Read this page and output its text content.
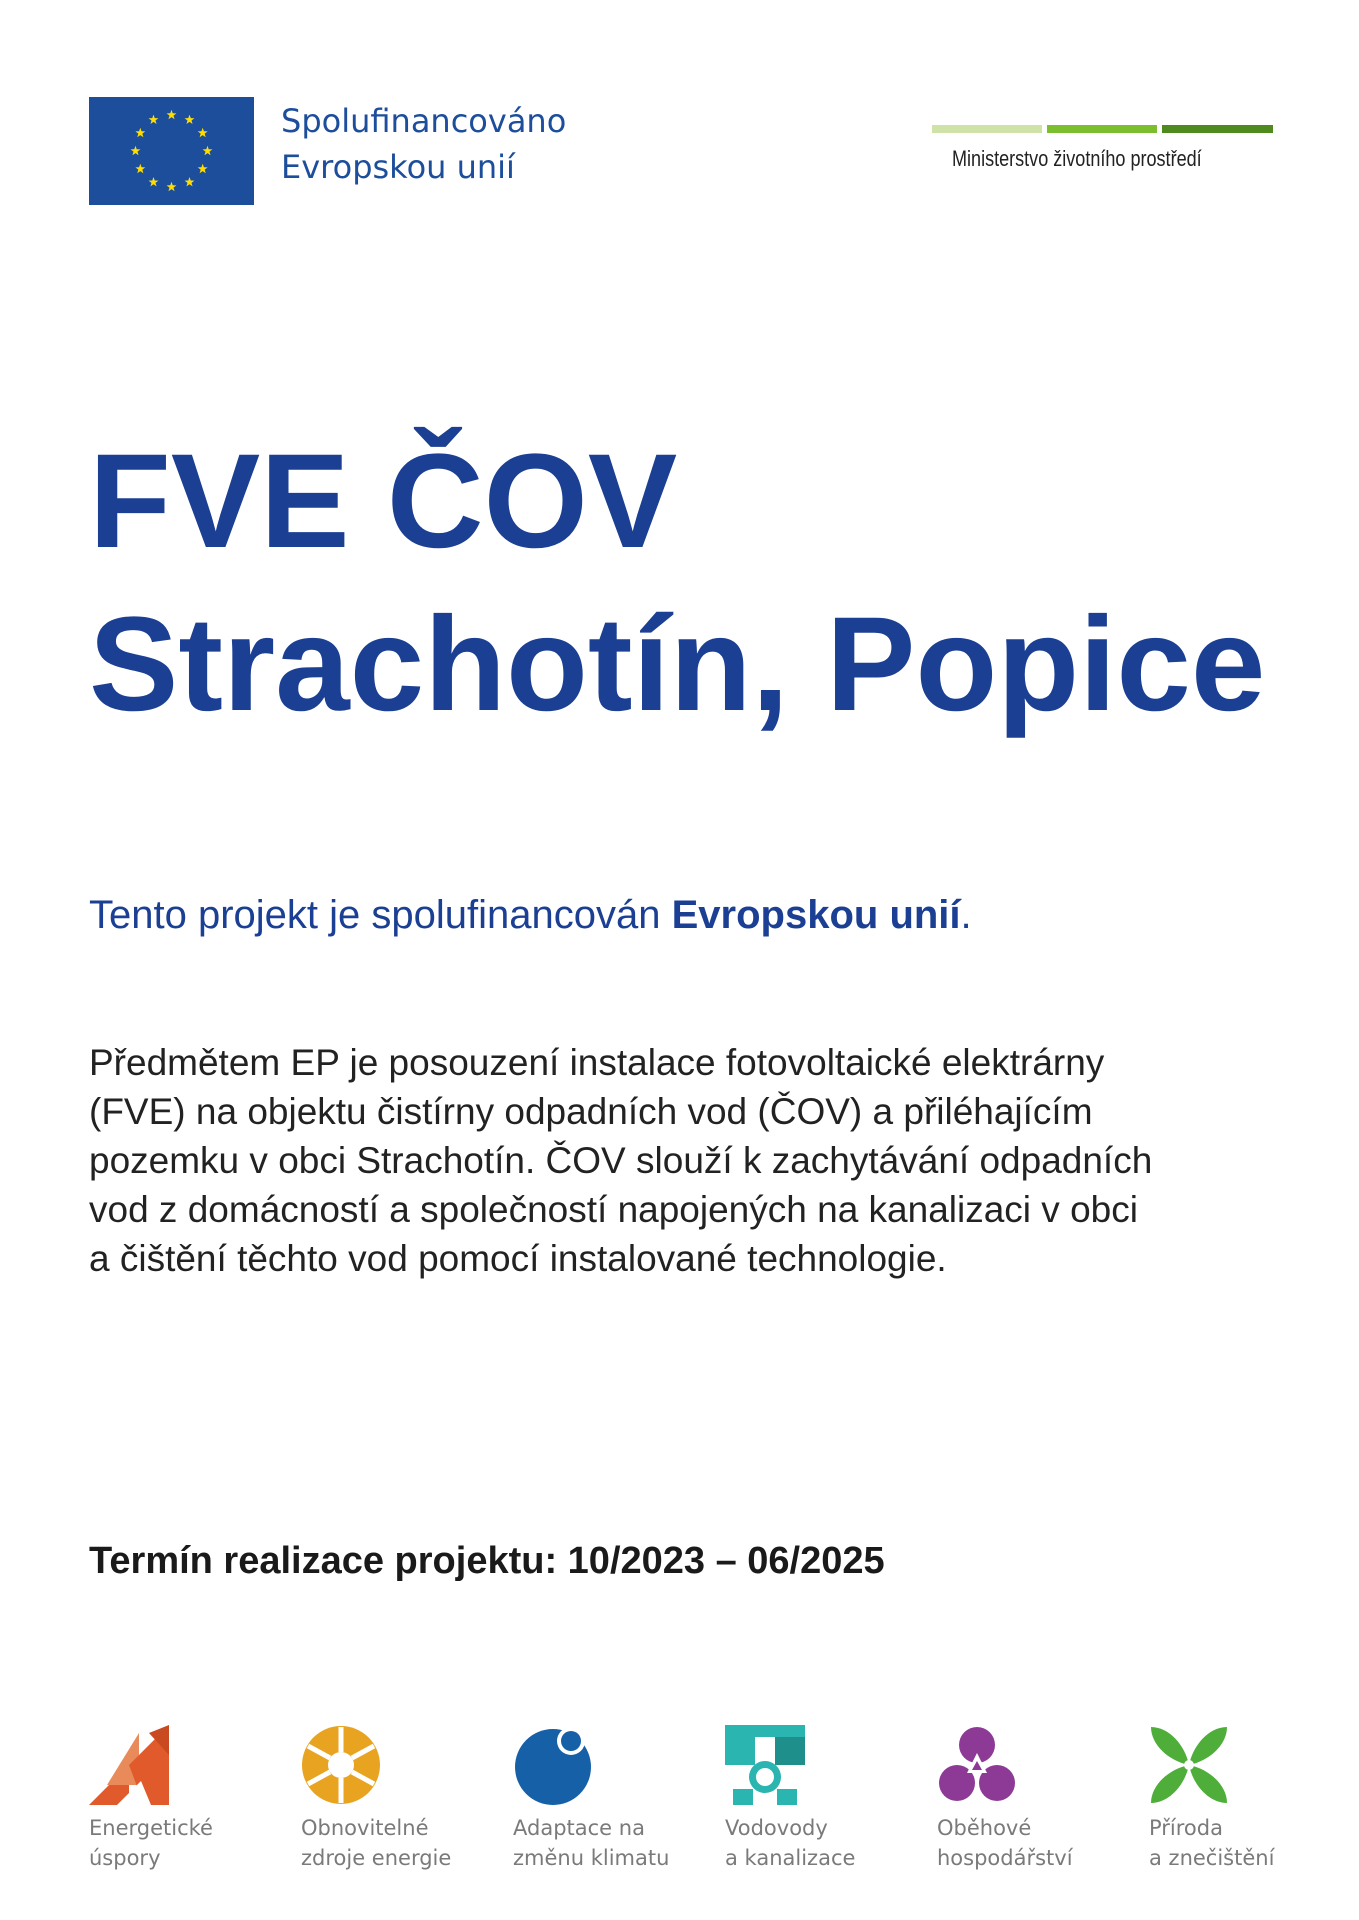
Spolufinancováno
Evropskou unií	Ministerstvo životního prostředí
FVE ČOV
Strachotín, Popice
Tento projekt je spolufinancován Evropskou unií.
Předmětem EP je posouzení instalace fotovoltaické elektrárny
(FVE) na objektu čistírny odpadních vod (ČOV) a přiléhajícím
pozemku v obci Strachotín. ČOV slouží k zachytávání odpadních
vod z domácností a společností napojených na kanalizaci v obci
a čištění těchto vod pomocí instalované technologie.
Termín realizace projektu: 10/2023 – 06/2025
Energetické
úspory
Obnovitelné
zdroje energie
Adaptace na
změnu klimatu
Vodovody
a kanalizace
Oběhové
hospodářství
Příroda
a znečištění
